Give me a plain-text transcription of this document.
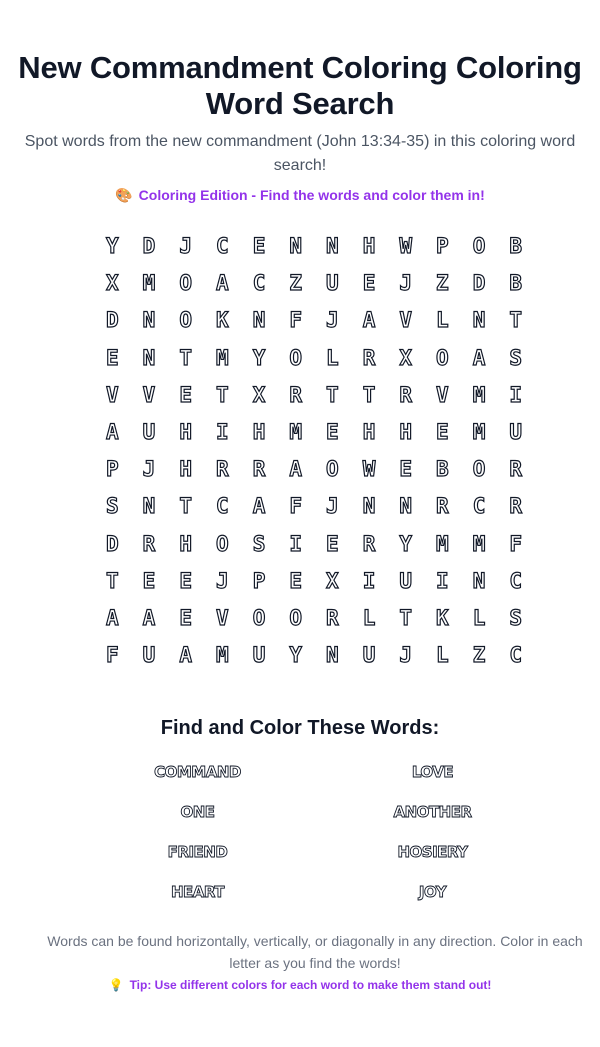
New Commandment Coloring Coloring Word Search
Spot words from the new commandment (John 13:34-35) in this coloring word search!
🎨 Coloring Edition - Find the words and color them in!
Y	D	J	C	E	N	N	H	W	P	O	B
X	M	O	A	C	Z	U	E	J	Z	D	B
D	N	O	K	N	F	J	A	V	L	N	T
E	N	T	M	Y	O	L	R	X	O	A	S
V	V	E	T	X	R	T	T	R	V	M	I
A	U	H	I	H	M	E	H	H	E	M	U
P	J	H	R	R	A	O	W	E	B	O	R
S	N	T	C	A	F	J	N	N	R	C	R
D	R	H	O	S	I	E	R	Y	M	M	F
T	E	E	J	P	E	X	I	U	I	N	C
A	A	E	V	O	O	R	L	T	K	L	S
F	U	A	M	U	Y	N	U	J	L	Z	C
Find and Color These Words:
COMMAND	LOVE
ONE	ANOTHER
FRIEND	HOSIERY
HEART	JOY
Words can be found horizontally, vertically, or diagonally in any direction. Color in each letter as you find the words!
💡 Tip: Use different colors for each word to make them stand out!
